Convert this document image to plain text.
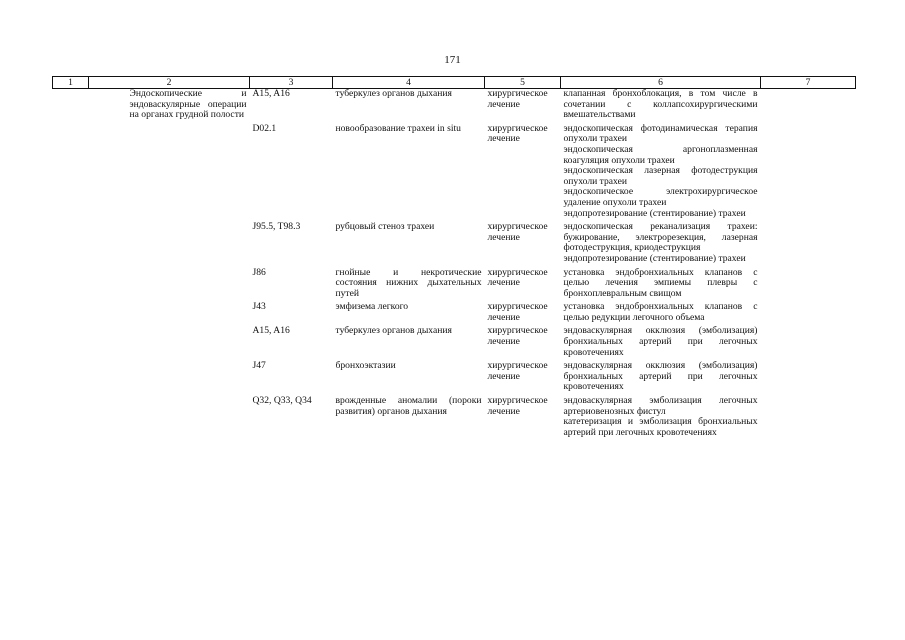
171
1	2	3	4	5	6	7

	Эндоскопические и эндоваскулярные операции на органах грудной полости	A15, A16	туберкулез органов дыхания	хирургическое лечение	клапанная бронхоблокация, в том числе в сочетании с коллапсохирургическими вмешательствами	

		D02.1	новообразование трахеи in situ	хирургическое лечение	эндоскопическая фотодинамическая терапия опухоли трахеи
эндоскопическая аргоноплазменная коагуляция опухоли трахеи
эндоскопическая лазерная фотодеструкция опухоли трахеи
эндоскопическое электрохирургическое удаление опухоли трахеи
эндопротезирование (стентирование) трахеи	

		J95.5, T98.3	рубцовый стеноз трахеи	хирургическое лечение	эндоскопическая реканализация трахеи: бужирование, электрорезекция, лазерная фотодеструкция, криодеструкция
эндопротезирование (стентирование) трахеи	

		J86	гнойные и некротические состояния нижних дыхательных путей	хирургическое лечение	установка эндобронхиальных клапанов с целью лечения эмпиемы плевры с бронхоплевральным свищом	

		J43	эмфизема легкого	хирургическое лечение	установка эндобронхиальных клапанов с целью редукции легочного объема	

		A15, A16	туберкулез органов дыхания	хирургическое лечение	эндоваскулярная окклюзия (эмболизация) бронхиальных артерий при легочных кровотечениях	

		J47	бронхоэктазии	хирургическое лечение	эндоваскулярная окклюзия (эмболизация) бронхиальных артерий при легочных кровотечениях	

		Q32, Q33, Q34	врожденные аномалии (пороки развития) органов дыхания	хирургическое лечение	эндоваскулярная эмболизация легочных артериовенозных фистул
катетеризация и эмболизация бронхиальных артерий при легочных кровотечениях	
